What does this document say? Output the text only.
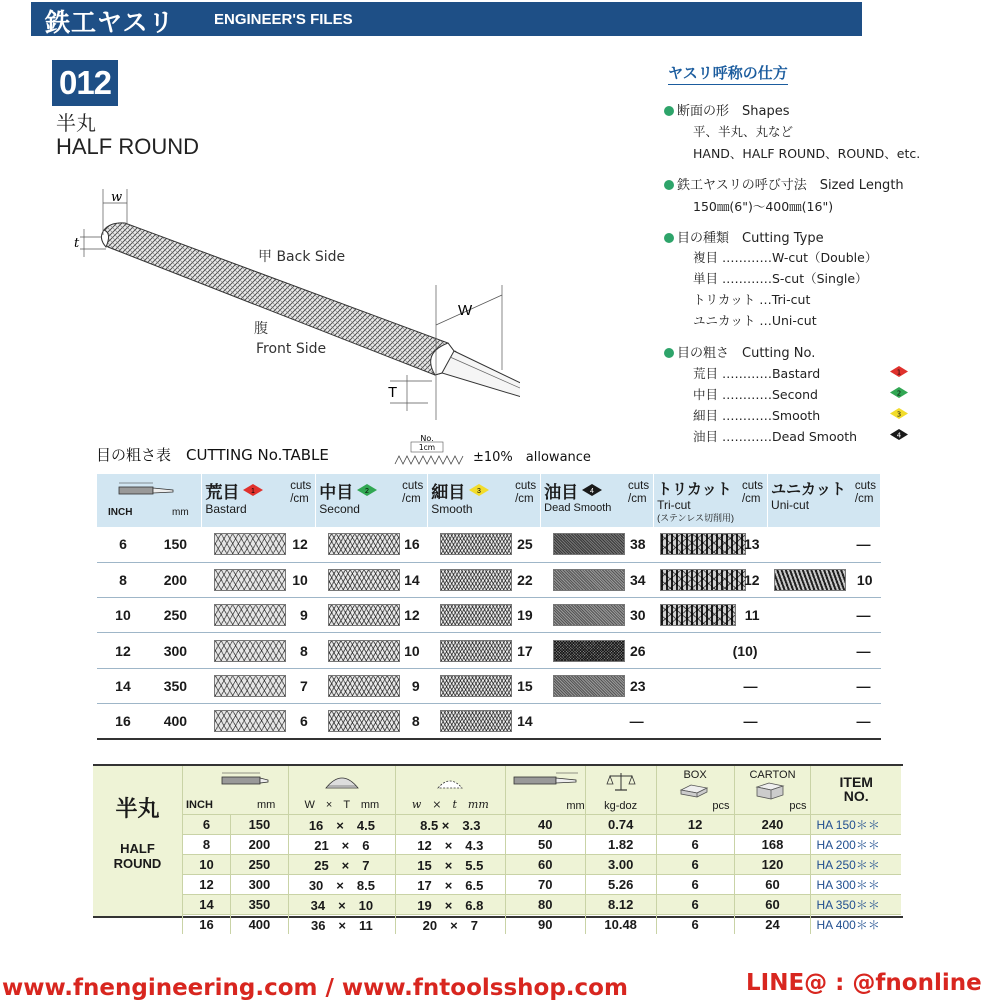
鉄工ヤスリ	ENGINEER'S FILES
012
半丸
HALF ROUND
w
t
W
T
甲 Back Side
腹
Front Side
ヤスリ呼称の仕方
断面の形　Shapes
平、半丸、丸など
HAND、HALF ROUND、ROUND、etc.
鉄工ヤスリの呼び寸法　Sized Length
150㎜(6")～400㎜(16")
目の種類　Cutting Type
複目 …………W-cut（Double）
単目 …………S-cut（Single）
トリカット …Tri-cut
ユニカット …Uni-cut
目の粗さ　Cutting No.
荒目 …………Bastard
中目 …………Second
細目 …………Smooth
油目 …………Dead Smooth
1
2
3
4
目の粗さ表　CUTTING No.TABLE
No.
1cm
±10%　allowance
INCH mm		荒目 1
Bastard
cuts
/cm	中目 2
Second
cuts
/cm	細目 3
Smooth
cuts
/cm	油目 4
Dead Smooth
cuts
/cm	トリカット
Tri-cut
(ステンレス切削用)
cuts
/cm	ユニカット
Uni-cut
cuts
/cm

6	150	12	16	25	38	13	—
8	200	10	14	22	34	12	10

10	250	9	12	19	30	11	—
12	300	8	10	17	26	(10)	—
14	350	7	9	15	23	—	—
16	400	6	8	14	—	—	—
半丸
HALF
ROUND
INCH mm		W　×　T　mm	w　×　t　mm	mm	kg-doz	BOX
pcs	CARTON
pcs	ITEM
NO.
6	150	16　×　4.5	8.5 ×　3.3	40	0.74	12	240	HA 150＊＊
8	200	21　×　6	12　×　4.3	50	1.82	6	168	HA 200＊＊
10	250	25　×　7	15　×　5.5	60	3.00	6	120	HA 250＊＊
12	300	30　×　8.5	17　×　6.5	70	5.26	6	60	HA 300＊＊
14	350	34　×　10	19　×　6.8	80	8.12	6	60	HA 350＊＊
16	400	36　×　11	20　×　7	90	10.48	6	24	HA 400＊＊
www.fnengineering.com / www.fntoolsshop.com	LINE@ : @fnonline
